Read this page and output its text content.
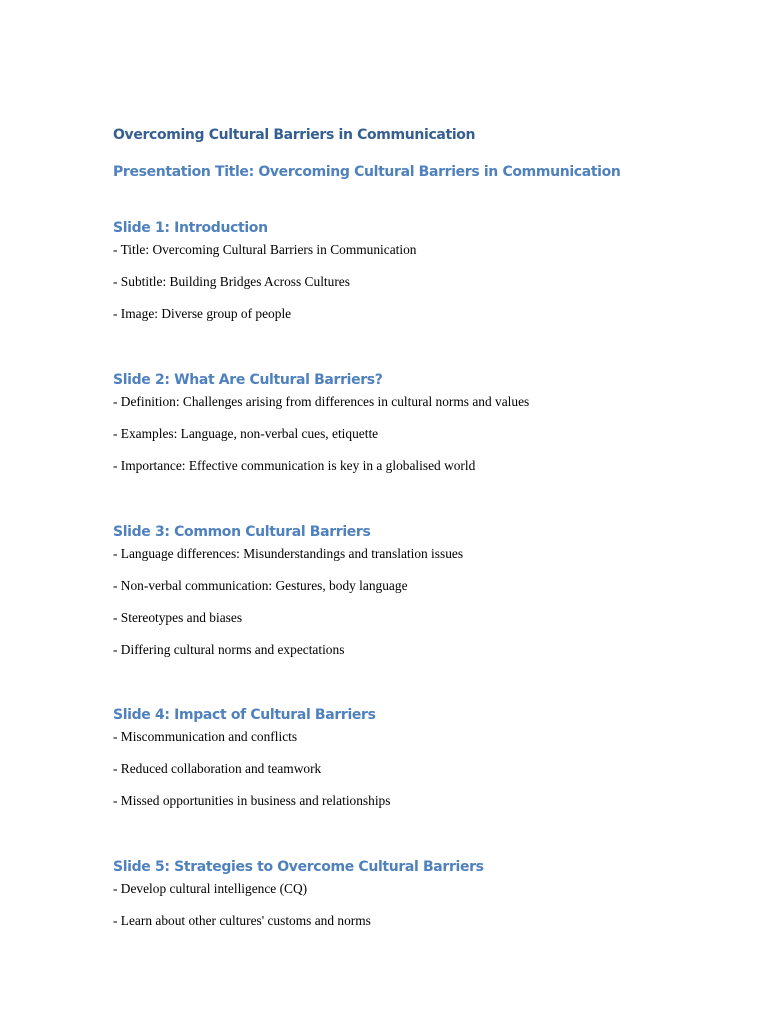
Overcoming Cultural Barriers in Communication
Presentation Title: Overcoming Cultural Barriers in Communication
Slide 1: Introduction
- Title: Overcoming Cultural Barriers in Communication
- Subtitle: Building Bridges Across Cultures
- Image: Diverse group of people
Slide 2: What Are Cultural Barriers?
- Definition: Challenges arising from differences in cultural norms and values
- Examples: Language, non-verbal cues, etiquette
- Importance: Effective communication is key in a globalised world
Slide 3: Common Cultural Barriers
- Language differences: Misunderstandings and translation issues
- Non-verbal communication: Gestures, body language
- Stereotypes and biases
- Differing cultural norms and expectations
Slide 4: Impact of Cultural Barriers
- Miscommunication and conflicts
- Reduced collaboration and teamwork
- Missed opportunities in business and relationships
Slide 5: Strategies to Overcome Cultural Barriers
- Develop cultural intelligence (CQ)
- Learn about other cultures' customs and norms
